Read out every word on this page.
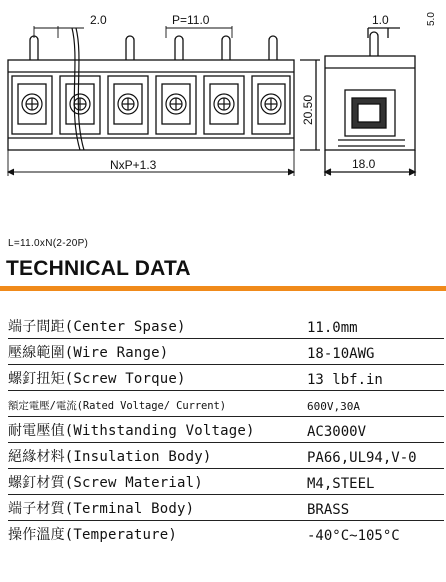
2.0	P=11.0
NxP+1.3
20.50
1.0	5.0
18.0
L=11.0xN(2-20P)
TECHNICAL DATA
端子間距(Center Spase)	11.0mm
壓線範圍(Wire Range)	18-10AWG
螺釘扭矩(Screw Torque)	13 lbf.in
額定電壓/電流(Rated Voltage/ Current)	600V,30A
耐電壓值(Withstanding Voltage)	AC3000V
絕緣材料(Insulation Body)	PA66,UL94,V-0
螺釘材質(Screw Material)	M4,STEEL
端子材質(Terminal Body)	BRASS
操作溫度(Temperature)	-40°C~105°C
